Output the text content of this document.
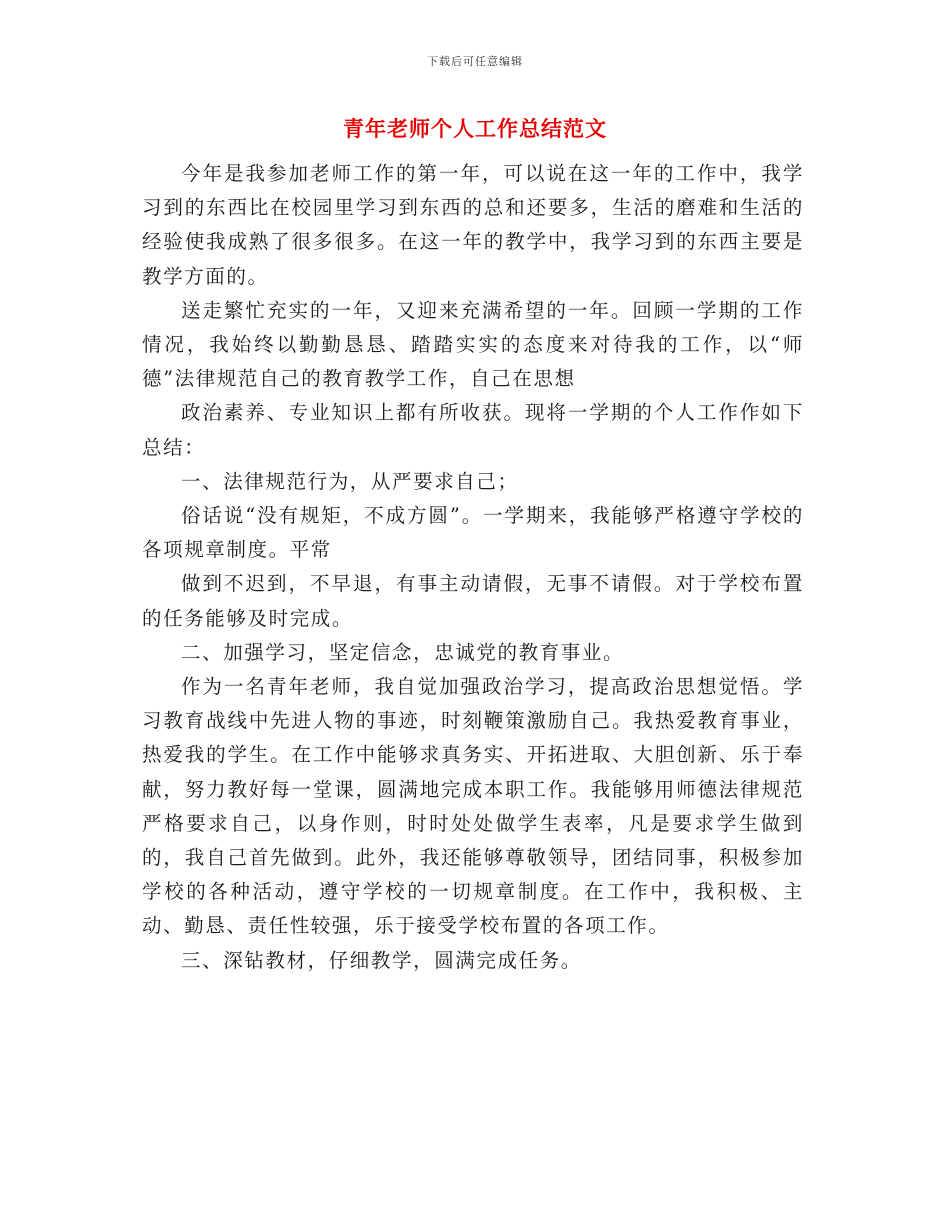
下载后可任意编辑
青年老师个人工作总结范文

今年是我参加老师工作的第一年，可以说在这一年的工作中，我学习到的东西比在校园里学习到东西的总和还要多，生活的磨难和生活的经验使我成熟了很多很多。在这一年的教学中，我学习到的东西主要是教学方面的。

送走繁忙充实的一年，又迎来充满希望的一年。回顾一学期的工作情况，我始终以勤勤恳恳、踏踏实实的态度来对待我的工作，以“师德”法律规范自己的教育教学工作，自己在思想

政治素养、专业知识上都有所收获。现将一学期的个人工作作如下总结：

一、法律规范行为，从严要求自己；

俗话说“没有规矩，不成方圆”。一学期来，我能够严格遵守学校的各项规章制度。平常

做到不迟到，不早退，有事主动请假，无事不请假。对于学校布置的任务能够及时完成。

二、加强学习，坚定信念，忠诚党的教育事业。

作为一名青年老师，我自觉加强政治学习，提高政治思想觉悟。学习教育战线中先进人物的事迹，时刻鞭策激励自己。我热爱教育事业，热爱我的学生。在工作中能够求真务实、开拓进取、大胆创新、乐于奉献，努力教好每一堂课，圆满地完成本职工作。我能够用师德法律规范严格要求自己，以身作则，时时处处做学生表率，凡是要求学生做到的，我自己首先做到。此外，我还能够尊敬领导，团结同事，积极参加学校的各种活动，遵守学校的一切规章制度。在工作中，我积极、主动、勤恳、责任性较强，乐于接受学校布置的各项工作。

三、深钻教材，仔细教学，圆满完成任务。
